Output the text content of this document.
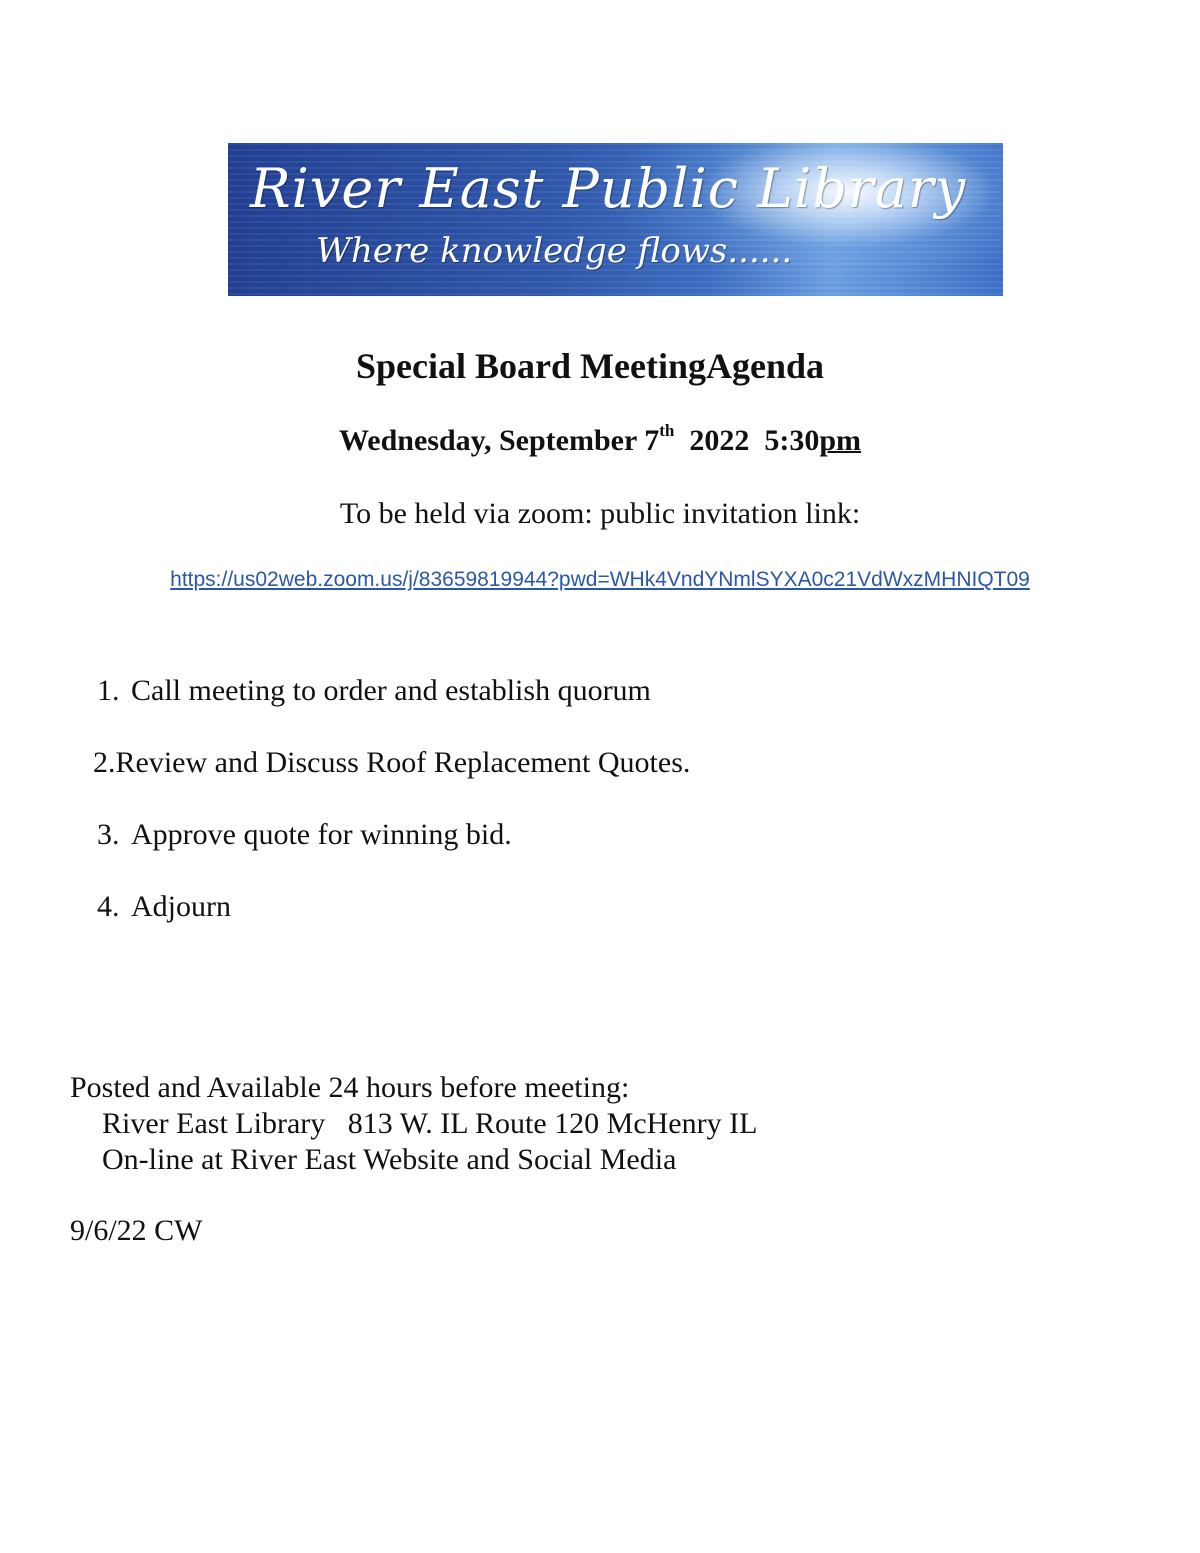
River East Public Library
Where knowledge flows......
Special Board MeetingAgenda
Wednesday, September 7th  2022  5:30pm
To be held via zoom: public invitation link:
https://us02web.zoom.us/j/83659819944?pwd=WHk4VndYNmlSYXA0c21VdWxzMHNIQT09
1. Call meeting to order and establish quorum
2.Review and Discuss Roof Replacement Quotes.
3. Approve quote for winning bid.
4. Adjourn
Posted and Available 24 hours before meeting:
River East Library   813 W. IL Route 120 McHenry IL
On-line at River East Website and Social Media
9/6/22 CW
